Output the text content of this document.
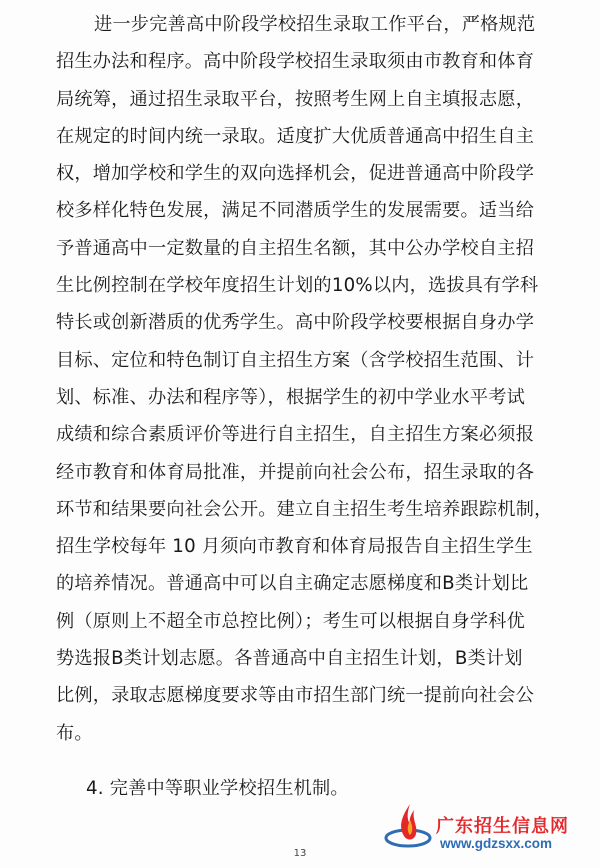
进一步完善高中阶段学校招生录取工作平台，严格规范
招生办法和程序。高中阶段学校招生录取须由市教育和体育
局统筹，通过招生录取平台，按照考生网上自主填报志愿，
在规定的时间内统一录取。适度扩大优质普通高中招生自主
权，增加学校和学生的双向选择机会，促进普通高中阶段学
校多样化特色发展，满足不同潜质学生的发展需要。适当给
予普通高中一定数量的自主招生名额，其中公办学校自主招
生比例控制在学校年度招生计划的10%以内，选拔具有学科
特长或创新潜质的优秀学生。高中阶段学校要根据自身办学
目标、定位和特色制订自主招生方案（含学校招生范围、计
划、标准、办法和程序等），根据学生的初中学业水平考试
成绩和综合素质评价等进行自主招生，自主招生方案必须报
经市教育和体育局批准，并提前向社会公布，招生录取的各
环节和结果要向社会公开。建立自主招生考生培养跟踪机制，
招生学校每年 10 月须向市教育和体育局报告自主招生学生
的培养情况。普通高中可以自主确定志愿梯度和B类计划比
例（原则上不超全市总控比例）；考生可以根据自身学科优
势选报B类计划志愿。各普通高中自主招生计划，B类计划
比例，录取志愿梯度要求等由市招生部门统一提前向社会公
布。
4. 完善中等职业学校招生机制。
13
广东招生信息网
www.gdzsxx.com
